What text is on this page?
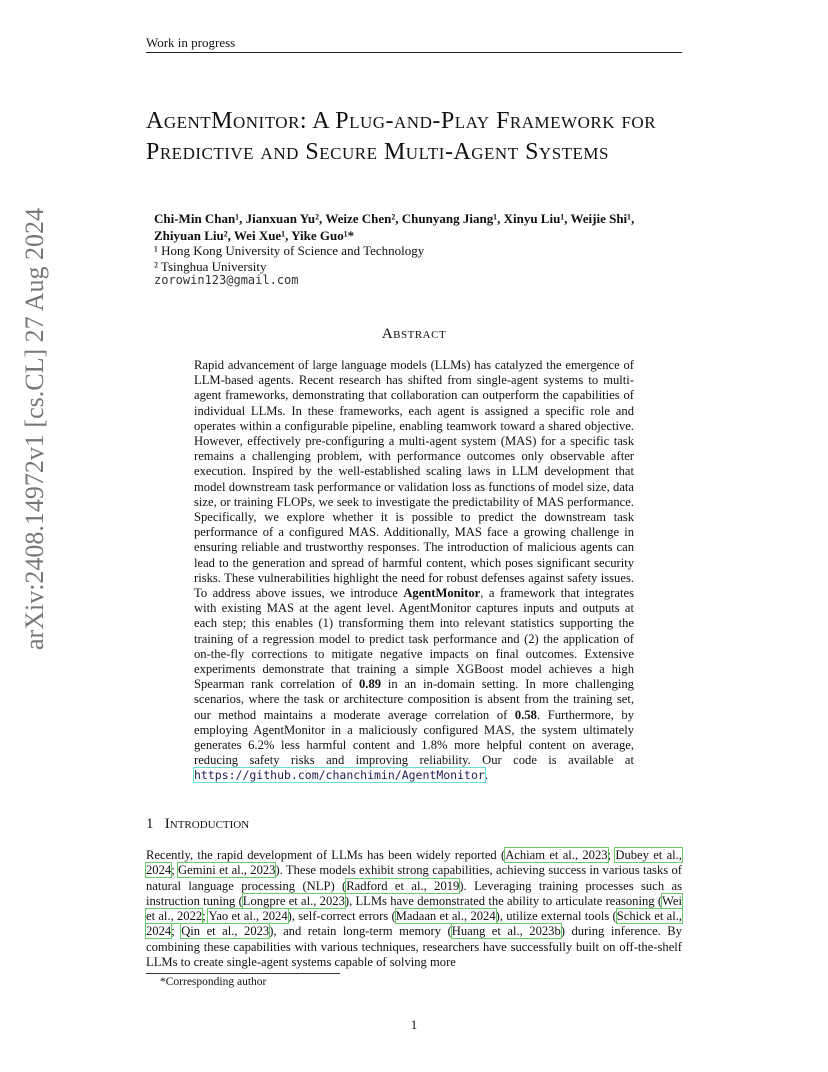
arXiv:2408.14972v1 [cs.CL] 27 Aug 2024
Work in progress
AgentMonitor: A Plug-and-Play Framework for Predictive and Secure Multi-Agent Systems
Chi-Min Chan¹, Jianxuan Yu², Weize Chen², Chunyang Jiang¹, Xinyu Liu¹, Weijie Shi¹,
Zhiyuan Liu², Wei Xue¹, Yike Guo¹*
¹ Hong Kong University of Science and Technology
² Tsinghua University
zorowin123@gmail.com
Abstract
Rapid advancement of large language models (LLMs) has catalyzed the emergence of LLM-based agents. Recent research has shifted from single-agent systems to multi-agent frameworks, demonstrating that collaboration can outperform the capabilities of individual LLMs. In these frameworks, each agent is assigned a specific role and operates within a configurable pipeline, enabling teamwork toward a shared objective. However, effectively pre-configuring a multi-agent system (MAS) for a specific task remains a challenging problem, with performance outcomes only observable after execution. Inspired by the well-established scaling laws in LLM development that model downstream task performance or validation loss as functions of model size, data size, or training FLOPs, we seek to investigate the predictability of MAS performance. Specifically, we explore whether it is possible to predict the downstream task performance of a configured MAS. Additionally, MAS face a growing challenge in ensuring reliable and trustworthy responses. The introduction of malicious agents can lead to the generation and spread of harmful content, which poses significant security risks. These vulnerabilities highlight the need for robust defenses against safety issues. To address above issues, we introduce AgentMonitor, a framework that integrates with existing MAS at the agent level. AgentMonitor captures inputs and outputs at each step; this enables (1) transforming them into relevant statistics supporting the training of a regression model to predict task performance and (2) the application of on-the-fly corrections to mitigate negative impacts on final outcomes. Extensive experiments demonstrate that training a simple XGBoost model achieves a high Spearman rank correlation of 0.89 in an in-domain setting. In more challenging scenarios, where the task or architecture composition is absent from the training set, our method maintains a moderate average correlation of 0.58. Furthermore, by employing AgentMonitor in a maliciously configured MAS, the system ultimately generates 6.2% less harmful content and 1.8% more helpful content on average, reducing safety risks and improving reliability. Our code is available at https://github.com/chanchimin/AgentMonitor.
1 Introduction
Recently, the rapid development of LLMs has been widely reported (Achiam et al., 2023; Dubey et al., 2024; Gemini et al., 2023). These models exhibit strong capabilities, achieving success in various tasks of natural language processing (NLP) (Radford et al., 2019). Leveraging training processes such as instruction tuning (Longpre et al., 2023), LLMs have demonstrated the ability to articulate reasoning (Wei et al., 2022; Yao et al., 2024), self-correct errors (Madaan et al., 2024), utilize external tools (Schick et al., 2024; Qin et al., 2023), and retain long-term memory (Huang et al., 2023b) during inference. By combining these capabilities with various techniques, researchers have successfully built on off-the-shelf LLMs to create single-agent systems capable of solving more
*Corresponding author
1
